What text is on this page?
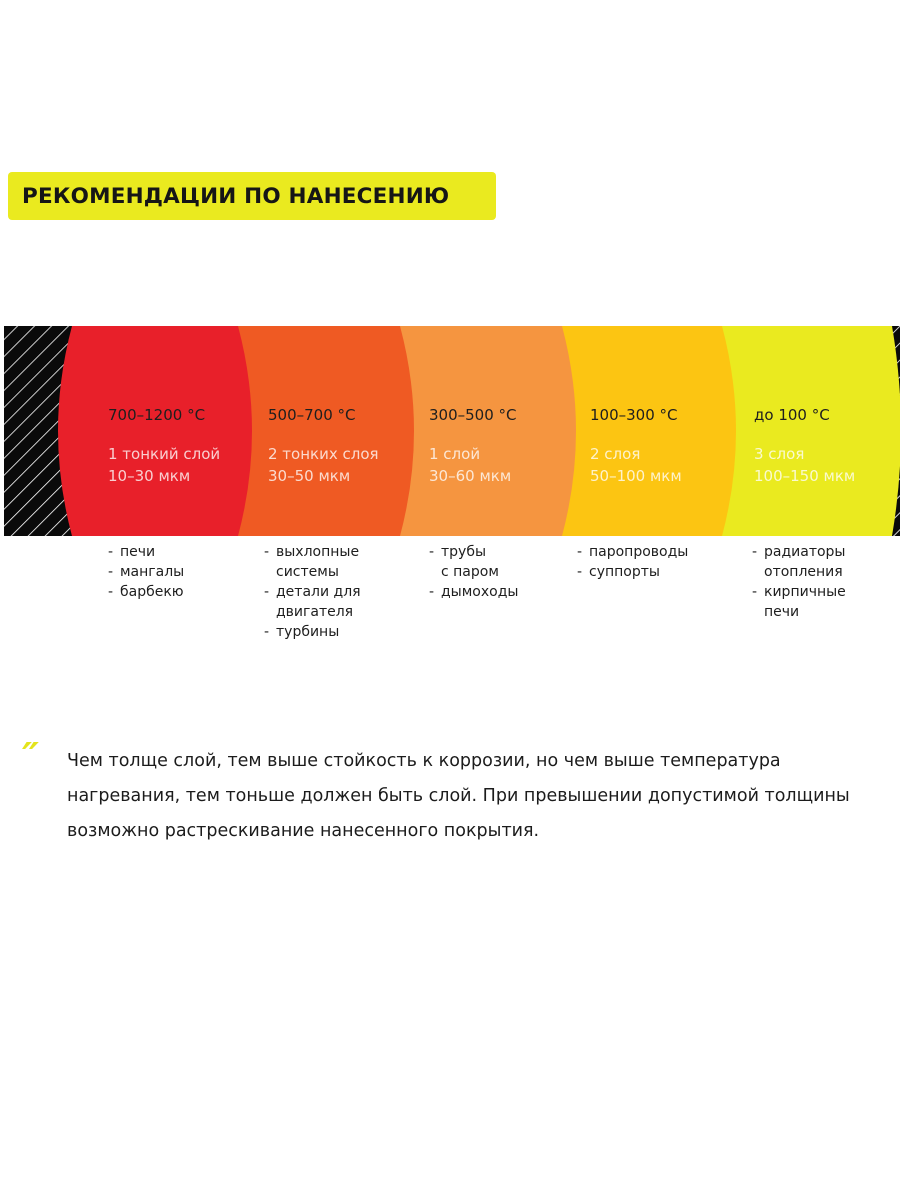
РЕКОМЕНДАЦИИ ПО НАНЕСЕНИЮ
700–1200 °C
1 тонкий слой
10–30 мкм
- печи
- мангалы
- барбекю
500–700 °C
2 тонких слоя
30–50 мкм
- выхлопные
системы
- детали для
двигателя
- турбины
300–500 °C
1 слой
30–60 мкм
- трубы
с паром
- дымоходы
100–300 °C
2 слоя
50–100 мкм
- паропроводы
- суппорты
до 100 °C
3 слоя
100–150 мкм
- радиаторы
отопления
- кирпичные
печи
″ Чем толще слой, тем выше стойкость к коррозии, но чем выше температура нагревания, тем тоньше должен быть слой. При превышении допустимой толщины возможно растрескивание нанесенного покрытия.
